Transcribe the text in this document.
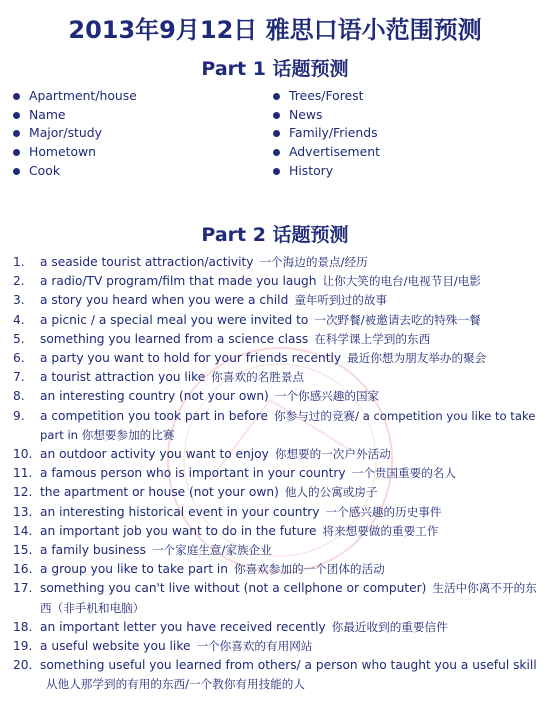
2013年9月12日 雅思口语小范围预测
Part 1 话题预测
Apartment/house
Name
Major/study
Hometown
Cook
Trees/Forest
News
Family/Friends
Advertisement
History
Part 2 话题预测
1. a seaside tourist attraction/activity 一个海边的景点/经历
2. a radio/TV program/film that made you laugh 让你大笑的电台/电视节目/电影
3. a story you heard when you were a child 童年听到过的故事
4. a picnic / a special meal you were invited to 一次野餐/被邀请去吃的特殊一餐
5. something you learned from a science class 在科学课上学到的东西
6. a party you want to hold for your friends recently 最近你想为朋友举办的聚会
7. a tourist attraction you like 你喜欢的名胜景点
8. an interesting country (not your own) 一个你感兴趣的国家
9. a competition you took part in before 你参与过的竞赛/ a competition you like to take part in 你想要参加的比赛
10. an outdoor activity you want to enjoy 你想要的一次户外活动
11. a famous person who is important in your country 一个贵国重要的名人
12. the apartment or house (not your own) 他人的公寓或房子
13. an interesting historical event in your country 一个感兴趣的历史事件
14. an important job you want to do in the future 将来想要做的重要工作
15. a family business 一个家庭生意/家族企业
16. a group you like to take part in 你喜欢参加的一个团体的活动
17. something you can't live without (not a cellphone or computer) 生活中你离不开的东西（非手机和电脑）
18. an important letter you have received recently 你最近收到的重要信件
19. a useful website you like 一个你喜欢的有用网站
20. something useful you learned from others/ a person who taught you a useful skill从他人那学到的有用的东西/一个教你有用技能的人
